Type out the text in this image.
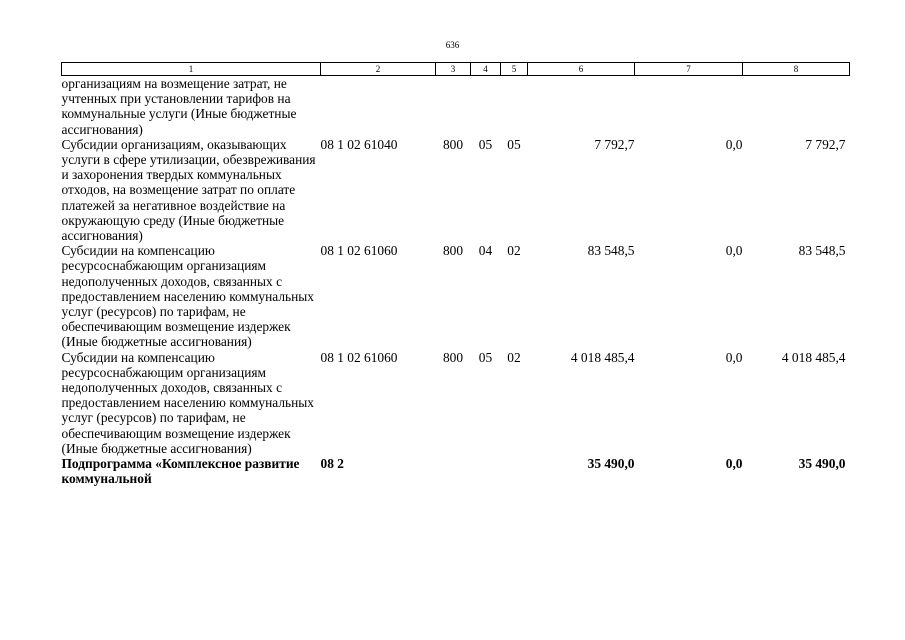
636
1	2	3	4	5	6	7	8
организациям на возмещение затрат, не учтенных при установлении тарифов на коммунальные услуги (Иные бюджетные ассигнования)							
Субсидии организациям, оказывающих услуги в сфере утилизации, обезвреживания и захоронения твердых коммунальных отходов, на возмещение затрат по оплате платежей за негативное воздействие на окружающую среду (Иные бюджетные ассигнования)	08 1 02 61040	800	05	05	7 792,7	0,0	7 792,7
Субсидии на компенсацию ресурсоснабжающим организациям недополученных доходов, связанных с предоставлением населению коммунальных услуг (ресурсов) по тарифам, не обеспечивающим возмещение издержек (Иные бюджетные ассигнования)	08 1 02 61060	800	04	02	83 548,5	0,0	83 548,5
Субсидии на компенсацию ресурсоснабжающим организациям недополученных доходов, связанных с предоставлением населению коммунальных услуг (ресурсов) по тарифам, не обеспечивающим возмещение издержек (Иные бюджетные ассигнования)	08 1 02 61060	800	05	02	4 018 485,4	0,0	4 018 485,4
Подпрограмма «Комплексное развитие коммунальной	08 2				35 490,0	0,0	35 490,0
